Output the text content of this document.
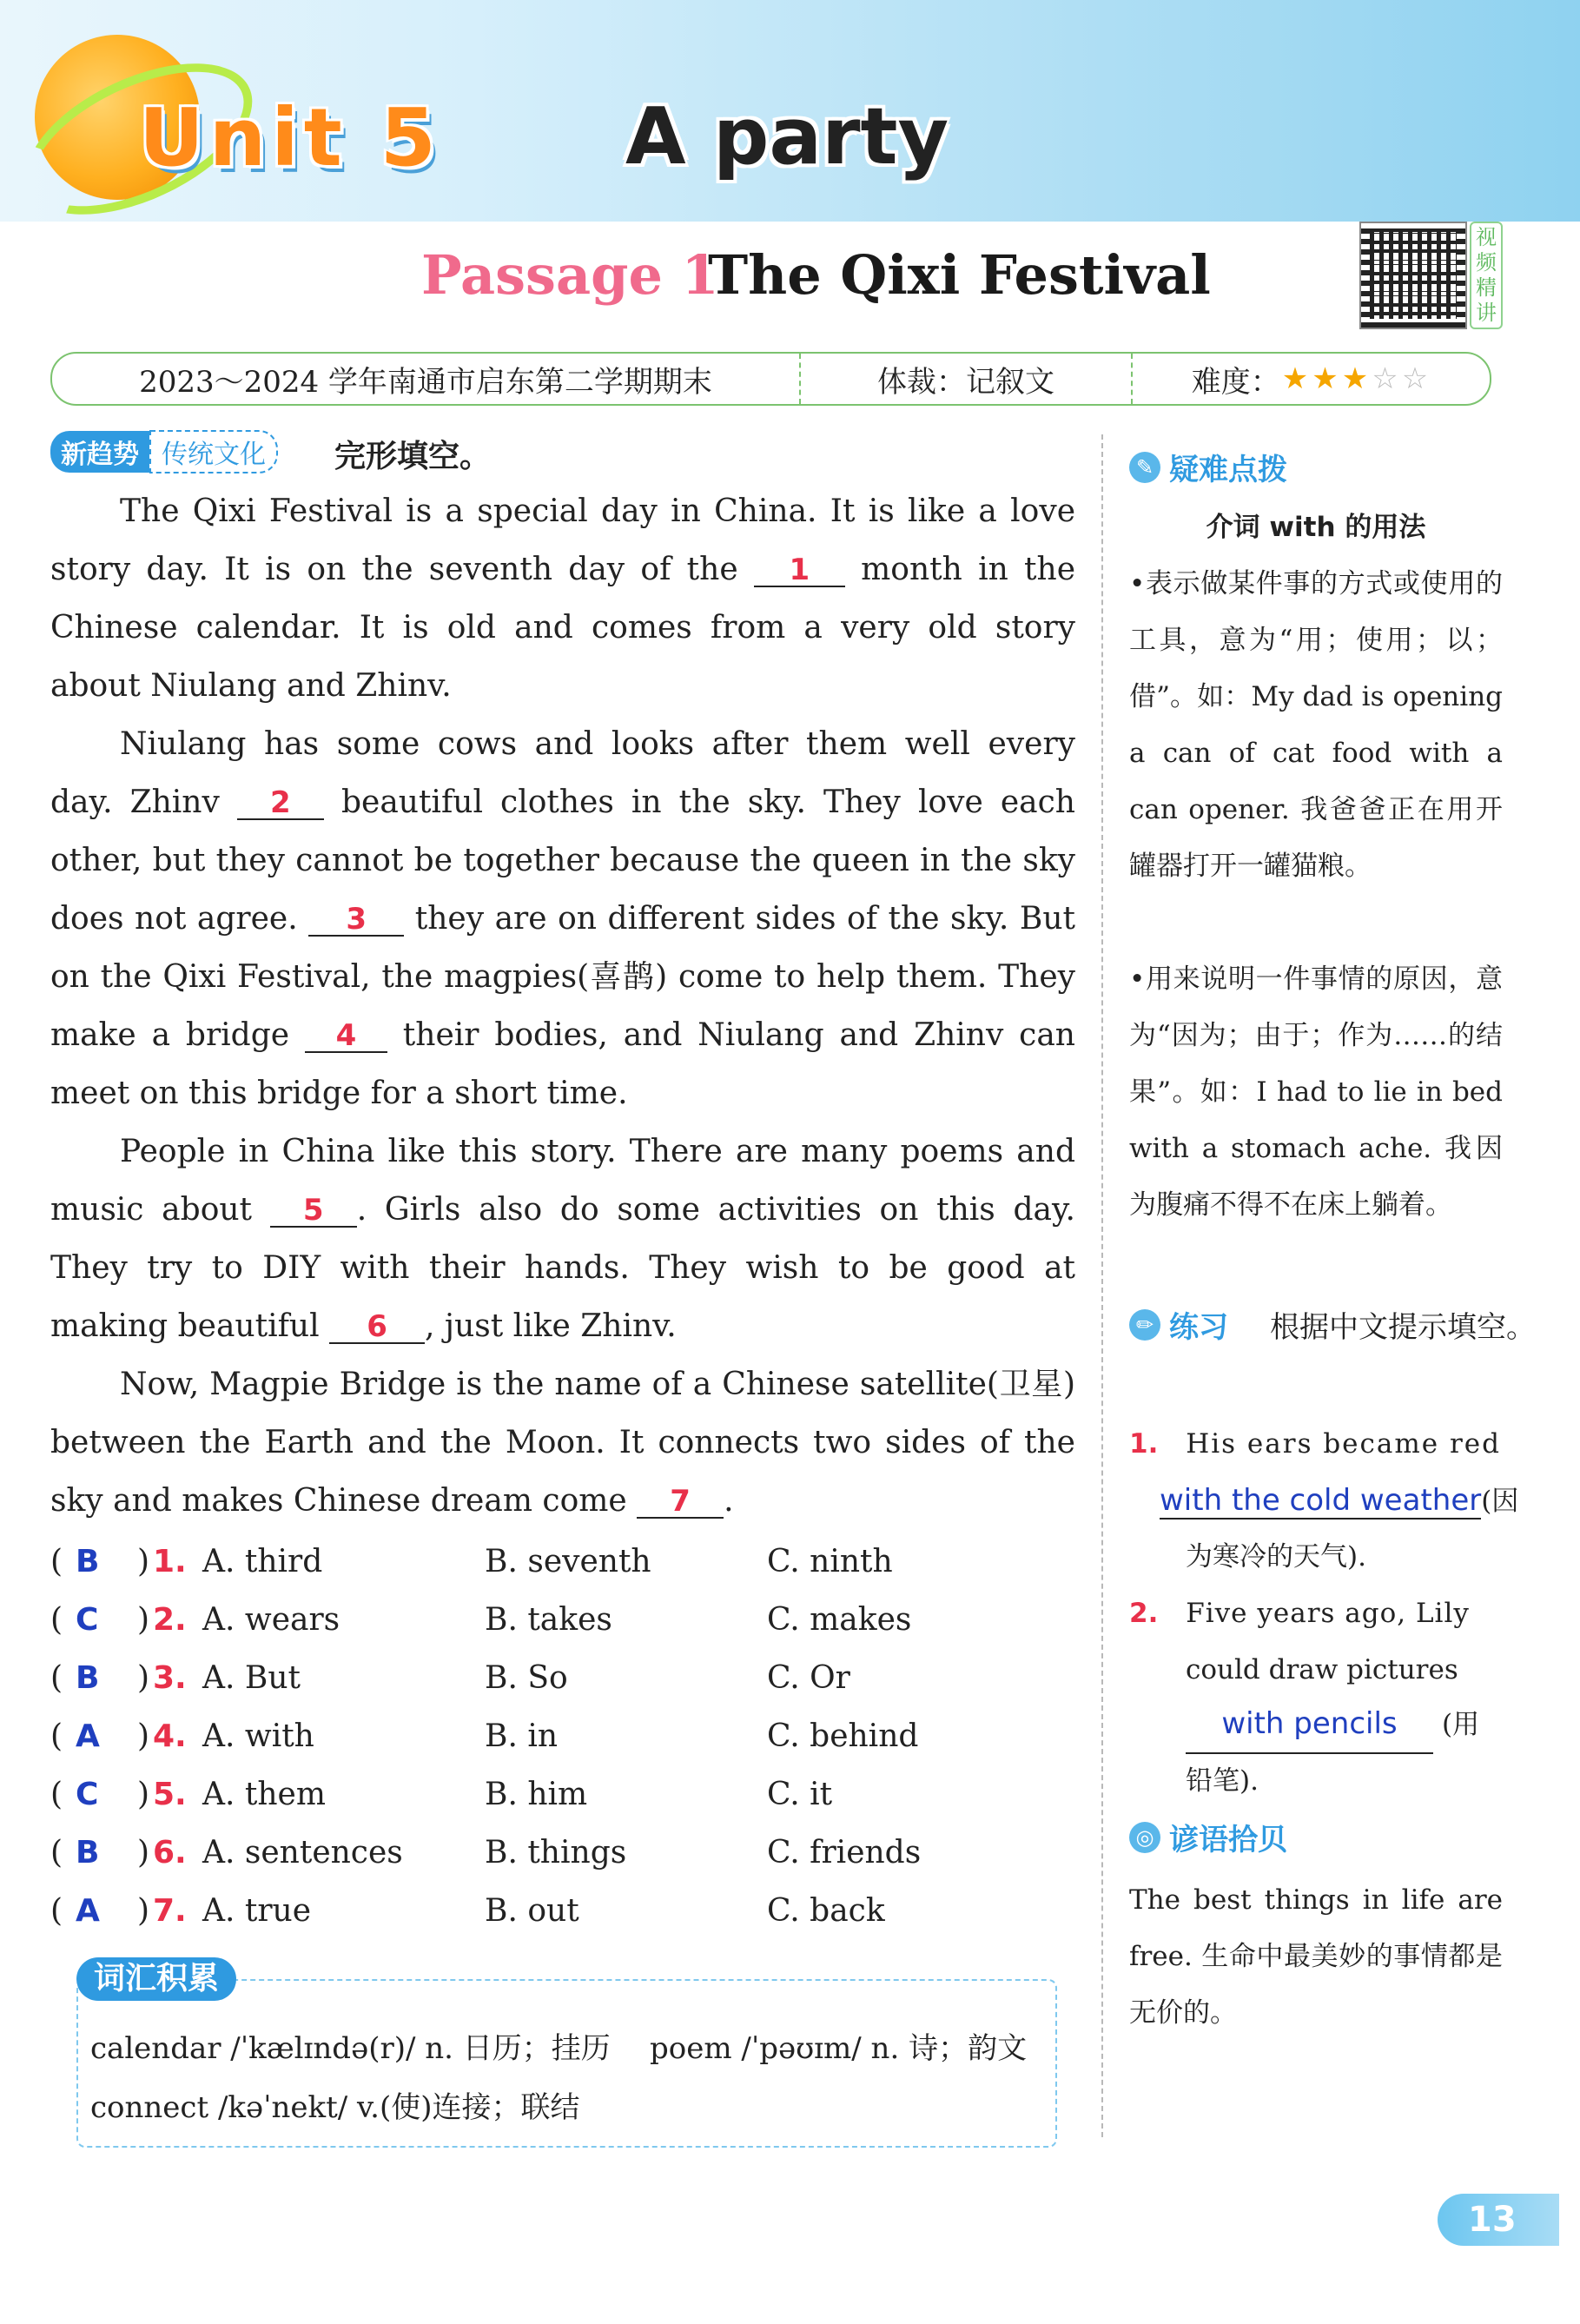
Unit 5 A party
Passage 1
The Qixi Festival
视频精讲
2023～2024 学年南通市启东第二学期期末	体裁：记叙文	难度： ★ ★ ★ ☆ ☆
新趋势 传统文化	完形填空。
The Qixi Festival is a special day in China. It is like a love story day. It is on the seventh day of the 1 month in the Chinese calendar. It is old and comes from a very old story about Niulang and Zhinv.
Niulang has some cows and looks after them well every day. Zhinv 2 beautiful clothes in the sky. They love each other, but they cannot be together because the queen in the sky does not agree. 3 they are on different sides of the sky. But on the Qixi Festival, the magpies(喜鹊) come to help them. They make a bridge 4 their bodies, and Niulang and Zhinv can meet on this bridge for a short time.
People in China like this story. There are many poems and music about 5 . Girls also do some activities on this day. They try to DIY with their hands. They wish to be good at making beautiful 6 , just like Zhinv.
Now, Magpie Bridge is the name of a Chinese satellite(卫星) between the Earth and the Moon. It connects two sides of the sky and makes Chinese dream come 7 .
( B ) 1. A. third	B. seventh	C. ninth
( C ) 2. A. wears	B. takes	C. makes
( B ) 3. A. But	B. So	C. Or
( A ) 4. A. with	B. in	C. behind
( C ) 5. A. them	B. him	C. it
( B ) 6. A. sentences	B. things	C. friends
( A ) 7. A. true	B. out	C. back
词汇积累
calendar /ˈkælɪndə(r)/ n. 日历；挂历 poem /ˈpəʊɪm/ n. 诗；韵文
connect /kəˈnekt/ v.(使)连接；联结
✎ 疑难点拨
介词 with 的用法
•表示做某件事的方式或使用的工具，意为“用；使用；以；借”。如：My dad is opening a can of cat food with a can opener. 我爸爸正在用开罐器打开一罐猫粮。
•用来说明一件事情的原因，意为“因为；由于；作为……的结果”。如：I had to lie in bed with a stomach ache. 我因为腹痛不得不在床上躺着。
✏ 练习 根据中文提示填空。
1. His ears became red
with the cold weather(因
为寒冷的天气).
2. Five years ago, Lily
could draw pictures
with pencils (用
铅笔).
◎ 谚语拾贝
The best things in life are free. 生命中最美妙的事情都是无价的。
13
